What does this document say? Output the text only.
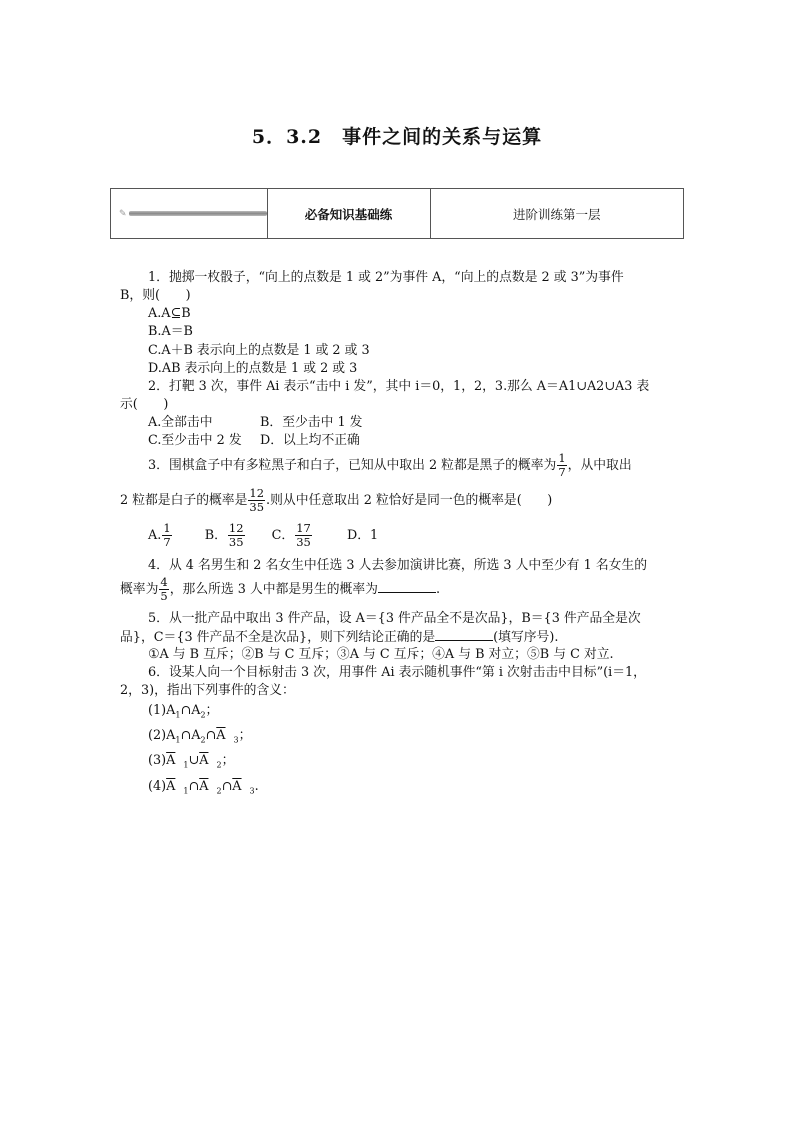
5．3.2　事件之间的关系与运算
✎	必备知识基础练	进阶训练第一层
1．抛掷一枚骰子，“向上的点数是 1 或 2”为事件 A，“向上的点数是 2 或 3”为事件
B，则(　　)
A.A⊆B
B.A＝B
C.A＋B 表示向上的点数是 1 或 2 或 3
D.AB 表示向上的点数是 1 或 2 或 3
2．打靶 3 次，事件 Ai 表示“击中 i 发”，其中 i＝0，1，2，3.那么 A＝A1∪A2∪A3 表
示(　　)
A.全部击中	B．至少击中 1 发
C.至少击中 2 发 D．以上均不正确
3．围棋盒子中有多粒黑子和白子，已知从中取出 2 粒都是黑子的概率为 $\frac{1}{7}$ ，从中取出
2 粒都是白子的概率是 $\frac{12}{35}$ .则从中任意取出 2 粒恰好是同一色的概率是(　　)
A. $\frac{1}{7}$	B． $\frac{12}{35}$ C． $\frac{17}{35}$	D．1
4．从 4 名男生和 2 名女生中任选 3 人去参加演讲比赛，所选 3 人中至少有 1 名女生的
概率为 $\frac{4}{5}$ ，那么所选 3 人中都是男生的概率为	.
5．从一批产品中取出 3 件产品，设 A＝{3 件产品全不是次品}，B＝{3 件产品全是次
品}，C＝{3 件产品不全是次品}，则下列结论正确的是	(填写序号).
①A 与 B 互斥；②B 与 C 互斥；③A 与 C 互斥；④A 与 B 对立；⑤B 与 C 对立.
6．设某人向一个目标射击 3 次，用事件 Ai 表示随机事件“第 i 次射击击中目标”(i＝1，
2，3)，指出下列事件的含义：
$(1)A_1\cap A_2$；
$(2)A_1\cap A_2\cap\overline{A}$　$_3$；
$(3)\overline{A}$　$_1\cup\overline{A}$　$_2$；
$(4)\overline{A}$　$_1\cap\overline{A}$　$_2\cap\overline{A}$　$_3$.
